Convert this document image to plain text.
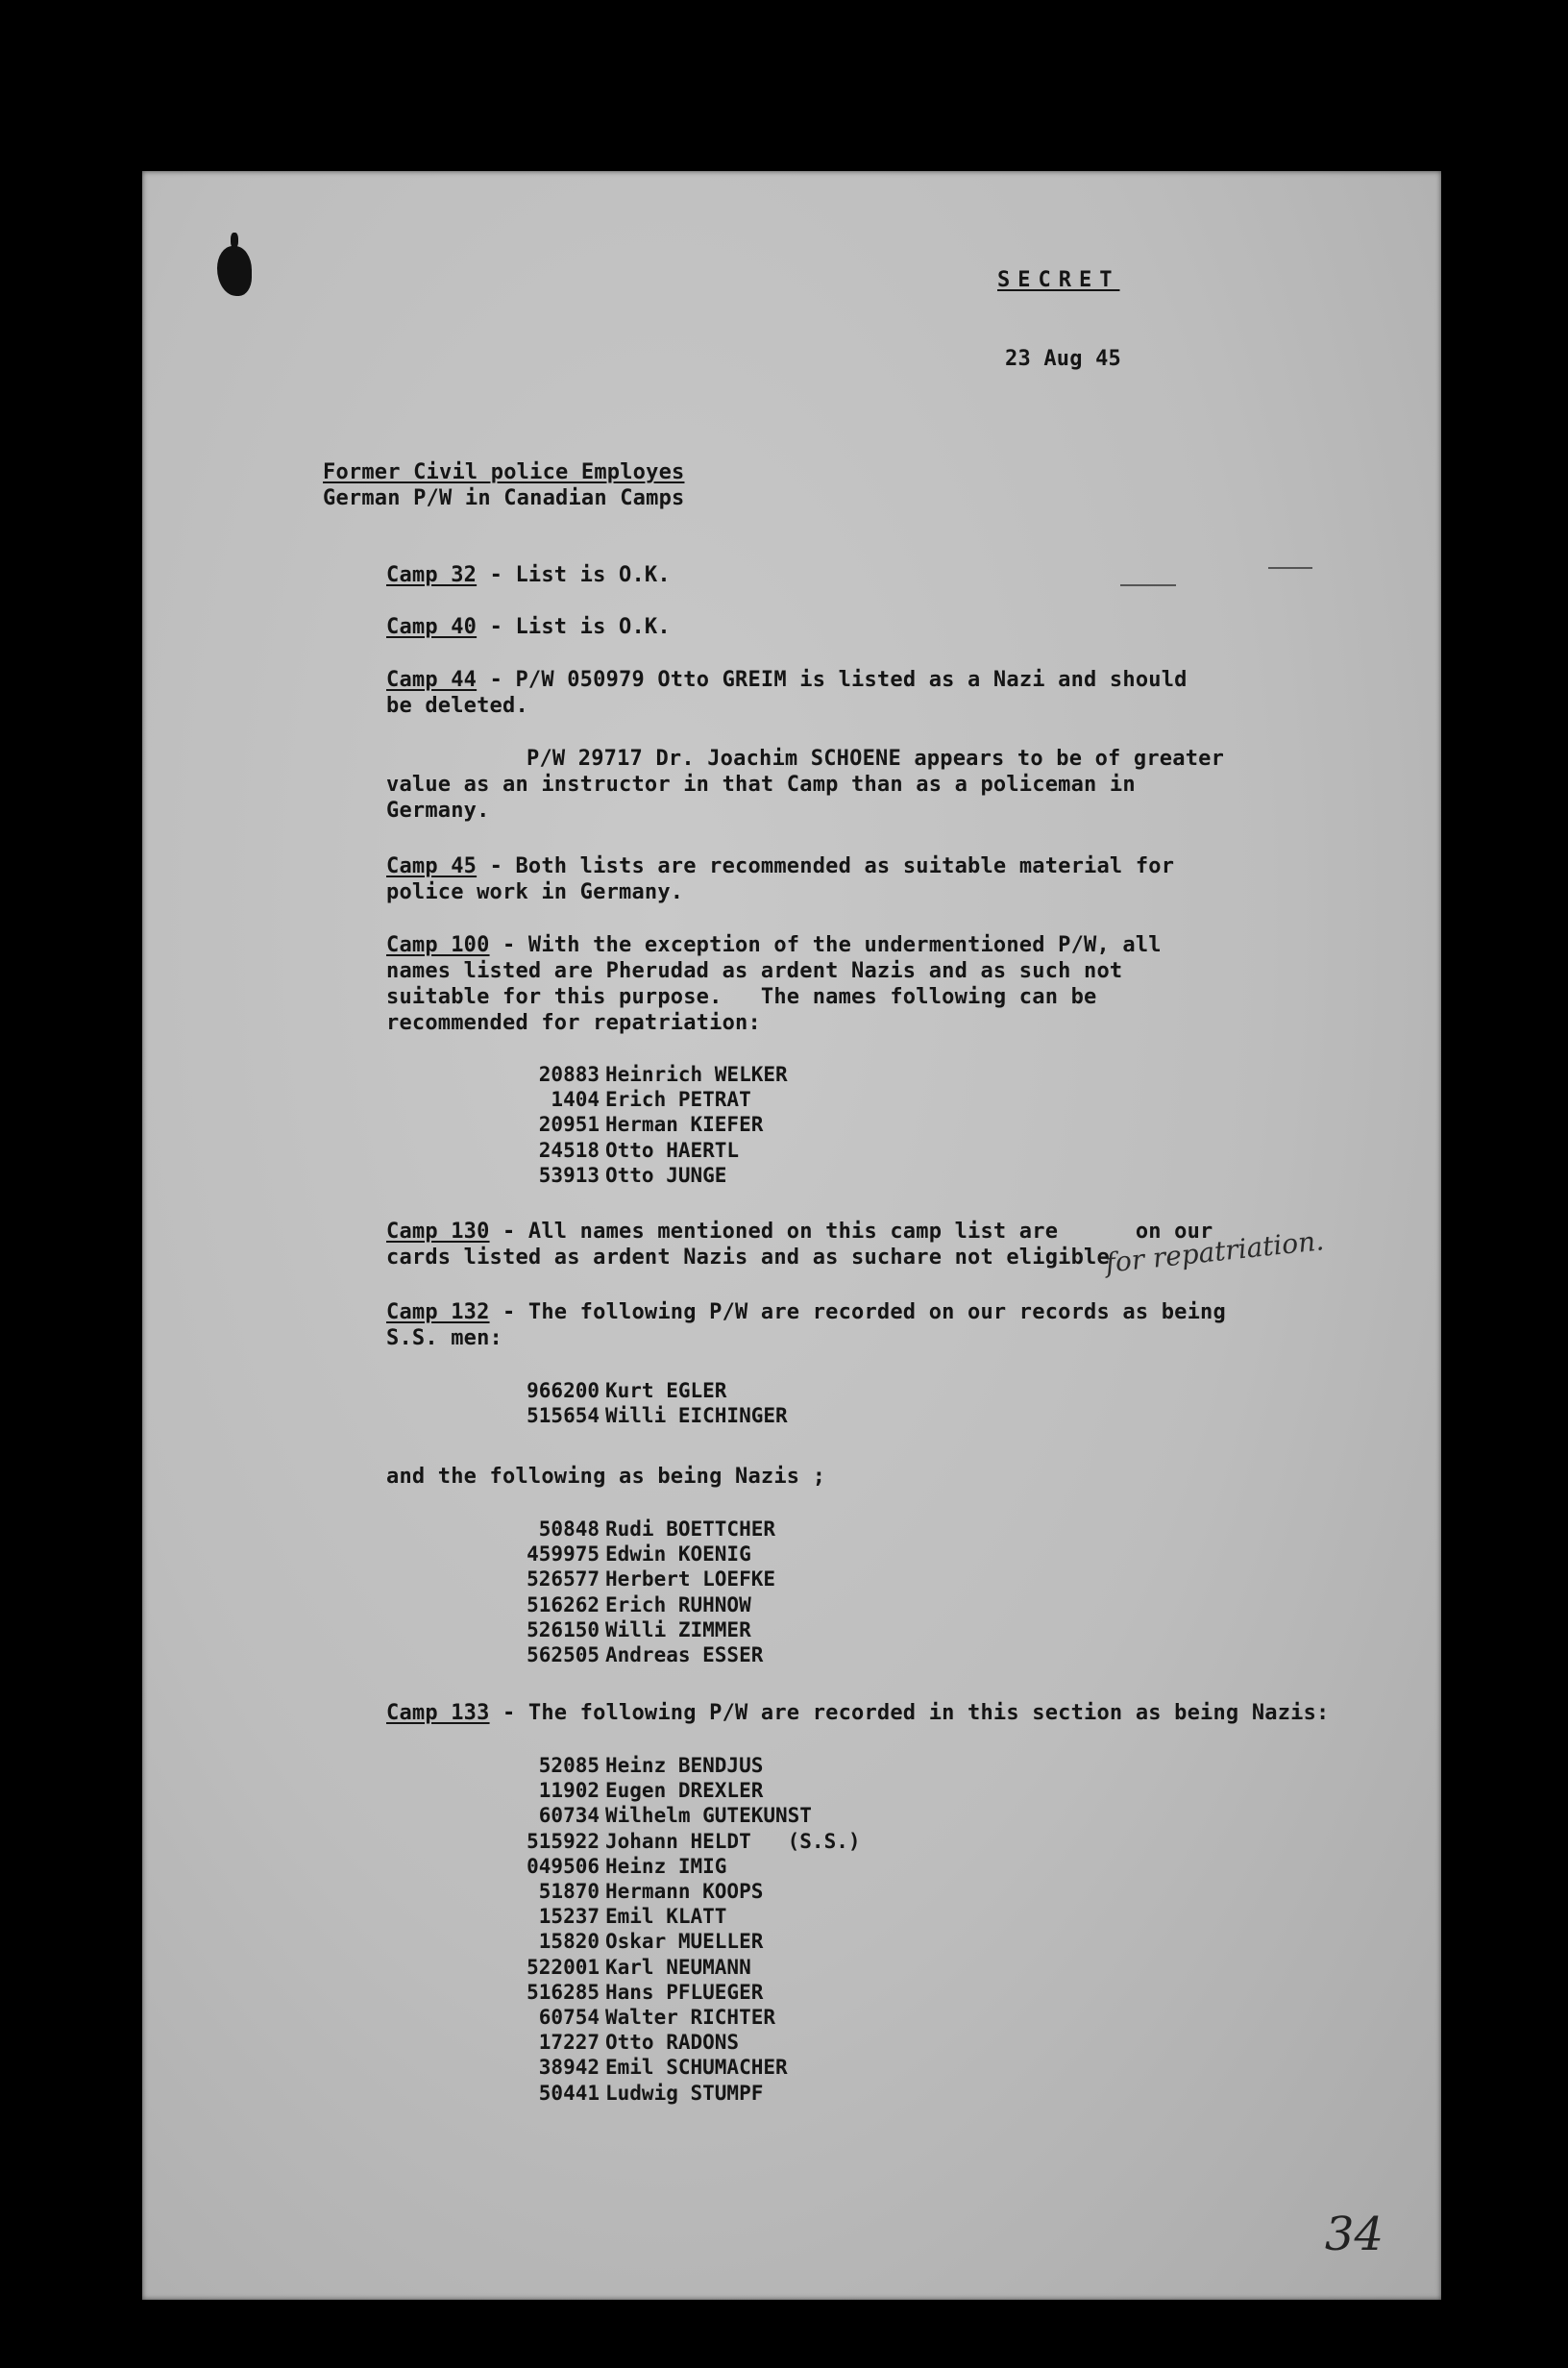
SECRET
23 Aug 45
Former Civil police Employes
German P/W in Canadian Camps
Camp 32 - List is O.K.
Camp 40 - List is O.K.
Camp 44 - P/W 050979 Otto GREIM is listed as a Nazi and should
be deleted.
P/W 29717 Dr. Joachim SCHOENE appears to be of greater
value as an instructor in that Camp than as a policeman in
Germany.
Camp 45 - Both lists are recommended as suitable material for
police work in Germany.
Camp 100 - With the exception of the undermentioned P/W, all
names listed are Pherudad as ardent Nazis and as such not
suitable for this purpose.   The names following can be
recommended for repatriation:
20883 Heinrich WELKER
1404 Erich PETRAT
20951 Herman KIEFER
24518 Otto HAERTL
53913 Otto JUNGE
Camp 130 - All names mentioned on this camp list are      on our
cards listed as ardent Nazis and as suchare not eligible
for repatriation.
Camp 132 - The following P/W are recorded on our records as being
S.S. men:
966200 Kurt EGLER
515654 Willi EICHINGER
and the following as being Nazis ;
50848 Rudi BOETTCHER
459975 Edwin KOENIG
526577 Herbert LOEFKE
516262 Erich RUHNOW
526150 Willi ZIMMER
562505 Andreas ESSER
Camp 133 - The following P/W are recorded in this section as being Nazis:
52085 Heinz BENDJUS
11902 Eugen DREXLER
60734 Wilhelm GUTEKUNST
515922 Johann HELDT   (S.S.)
049506 Heinz IMIG
51870 Hermann KOOPS
15237 Emil KLATT
15820 Oskar MUELLER
522001 Karl NEUMANN
516285 Hans PFLUEGER
60754 Walter RICHTER
17227 Otto RADONS
38942 Emil SCHUMACHER
50441 Ludwig STUMPF
34
